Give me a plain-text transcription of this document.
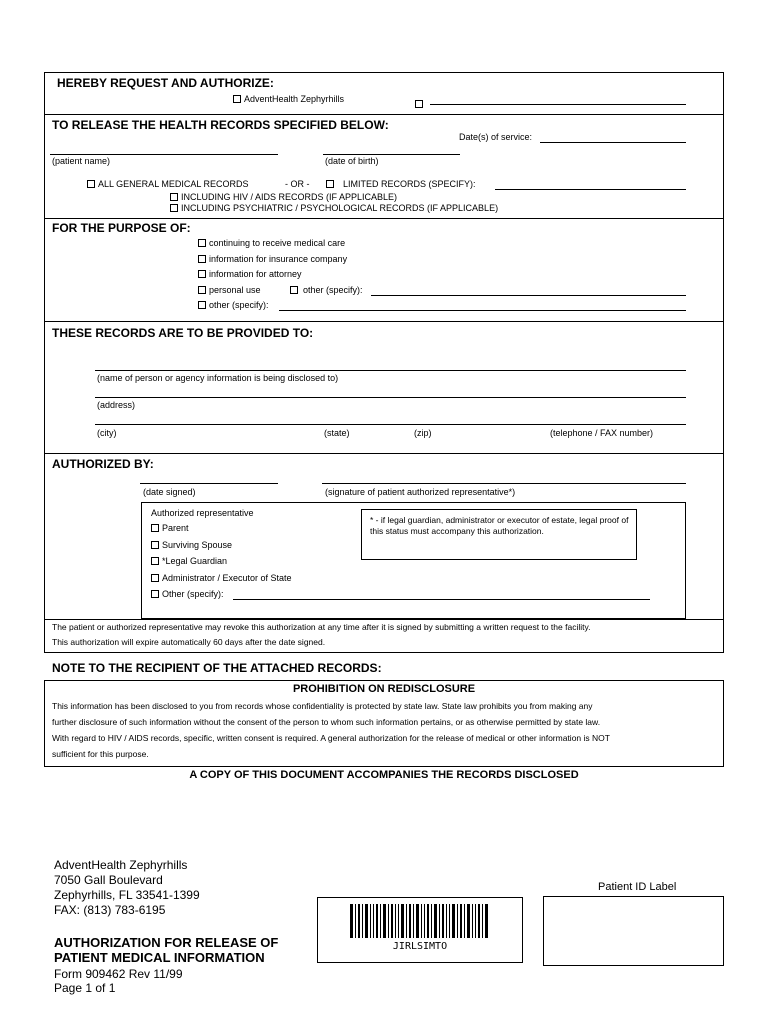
HEREBY REQUEST AND AUTHORIZE:
AdventHealth Zephyrhills
TO RELEASE THE HEALTH RECORDS SPECIFIED BELOW:
Date(s) of service:
(patient name)	(date of birth)
ALL GENERAL MEDICAL RECORDS	- OR -	LIMITED RECORDS (SPECIFY):
INCLUDING HIV / AIDS RECORDS (IF APPLICABLE)
INCLUDING PSYCHIATRIC / PSYCHOLOGICAL RECORDS (IF APPLICABLE)
FOR THE PURPOSE OF:
continuing to receive medical care
information for insurance company
information for attorney
personal use	other (specify):
other (specify):
THESE RECORDS ARE TO BE PROVIDED TO:
(name of person or agency information is being disclosed to)
(address)
(city)	(state)	(zip)	(telephone / FAX number)
AUTHORIZED BY:
(date signed)	(signature of patient authorized representative*)
Authorized representative
Parent
Surviving Spouse
*Legal Guardian
Administrator / Executor of State
Other (specify):
* - if legal guardian, administrator or executor of estate, legal proof of this status must accompany this authorization.
The patient or authorized representative may revoke this authorization at any time after it is signed by submitting a written request to the facility.
This authorization will expire automatically 60 days after the date signed.
NOTE TO THE RECIPIENT OF THE ATTACHED RECORDS:
PROHIBITION ON REDISCLOSURE
This information has been disclosed to you from records whose confidentiality is protected by state law. State law prohibits you from making any
further disclosure of such information without the consent of the person to whom such information pertains, or as otherwise permitted by state law.
With regard to HIV / AIDS records, specific, written consent is required. A general authorization for the release of medical or other information is NOT
sufficient for this purpose.
A COPY OF THIS DOCUMENT ACCOMPANIES THE RECORDS DISCLOSED
AdventHealth Zephyrhills
7050 Gall Boulevard
Zephyrhills, FL 33541-1399
FAX: (813) 783-6195
AUTHORIZATION FOR RELEASE OF
PATIENT MEDICAL INFORMATION
Form 909462 Rev 11/99
Page 1 of 1
JIRLSIMTO
Patient ID Label
